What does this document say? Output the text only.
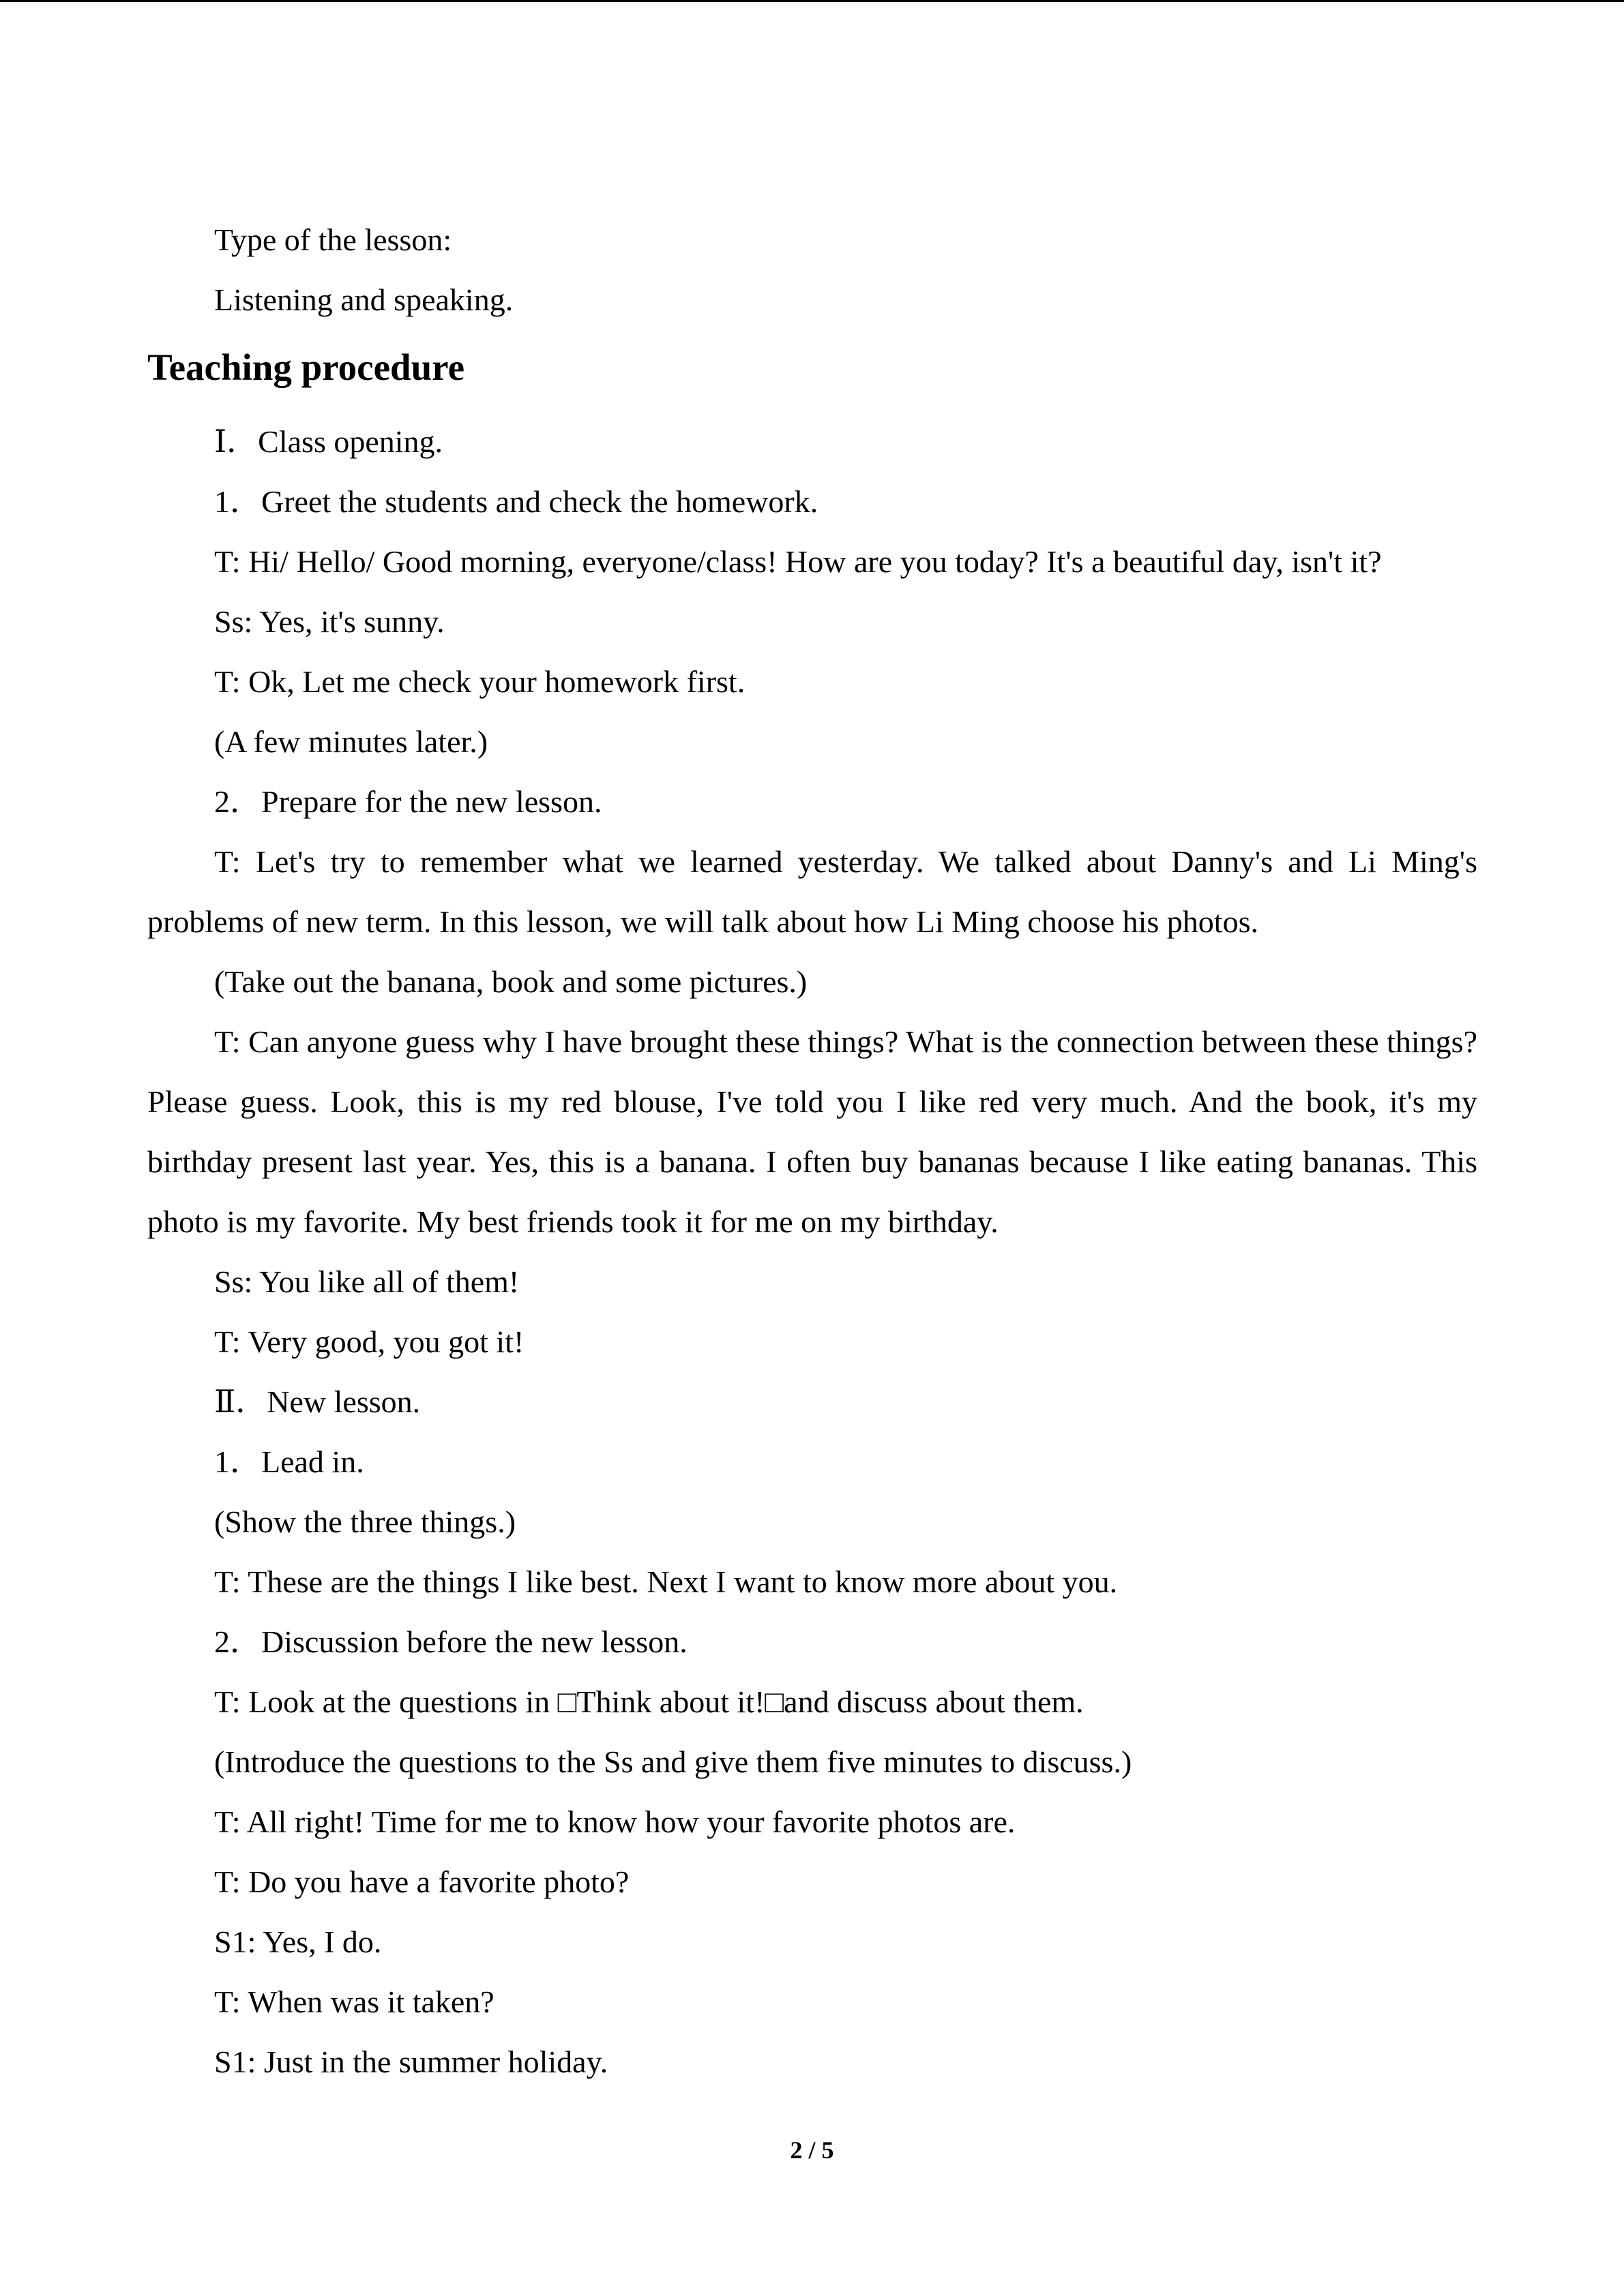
Type of the lesson:

Listening and speaking.

Teaching procedure

Ⅰ．Class opening.

1．Greet the students and check the homework.

T: Hi/ Hello/ Good morning, everyone/class! How are you today? It's a beautiful day, isn't it?

Ss: Yes, it's sunny.

T: Ok, Let me check your homework first.

(A few minutes later.)

2．Prepare for the new lesson.

T: Let's try to remember what we learned yesterday. We talked about Danny's and Li Ming's problems of new term. In this lesson, we will talk about how Li Ming choose his photos.

(Take out the banana, book and some pictures.)

T: Can anyone guess why I have brought these things? What is the connection between these things? Please guess. Look, this is my red blouse, I've told you I like red very much. And the book, it's my birthday present last year. Yes, this is a banana. I often buy bananas because I like eating bananas. This photo is my favorite. My best friends took it for me on my birthday.

Ss: You like all of them!

T: Very good, you got it!

Ⅱ．New lesson.

1．Lead in.

(Show the three things.)

T: These are the things I like best. Next I want to know more about you.

2．Discussion before the new lesson.

T: Look at the questions in □Think about it!□and discuss about them.

(Introduce the questions to the Ss and give them five minutes to discuss.)

T: All right! Time for me to know how your favorite photos are.

T: Do you have a favorite photo?

S1: Yes, I do.

T: When was it taken?

S1: Just in the summer holiday.

2 / 5
